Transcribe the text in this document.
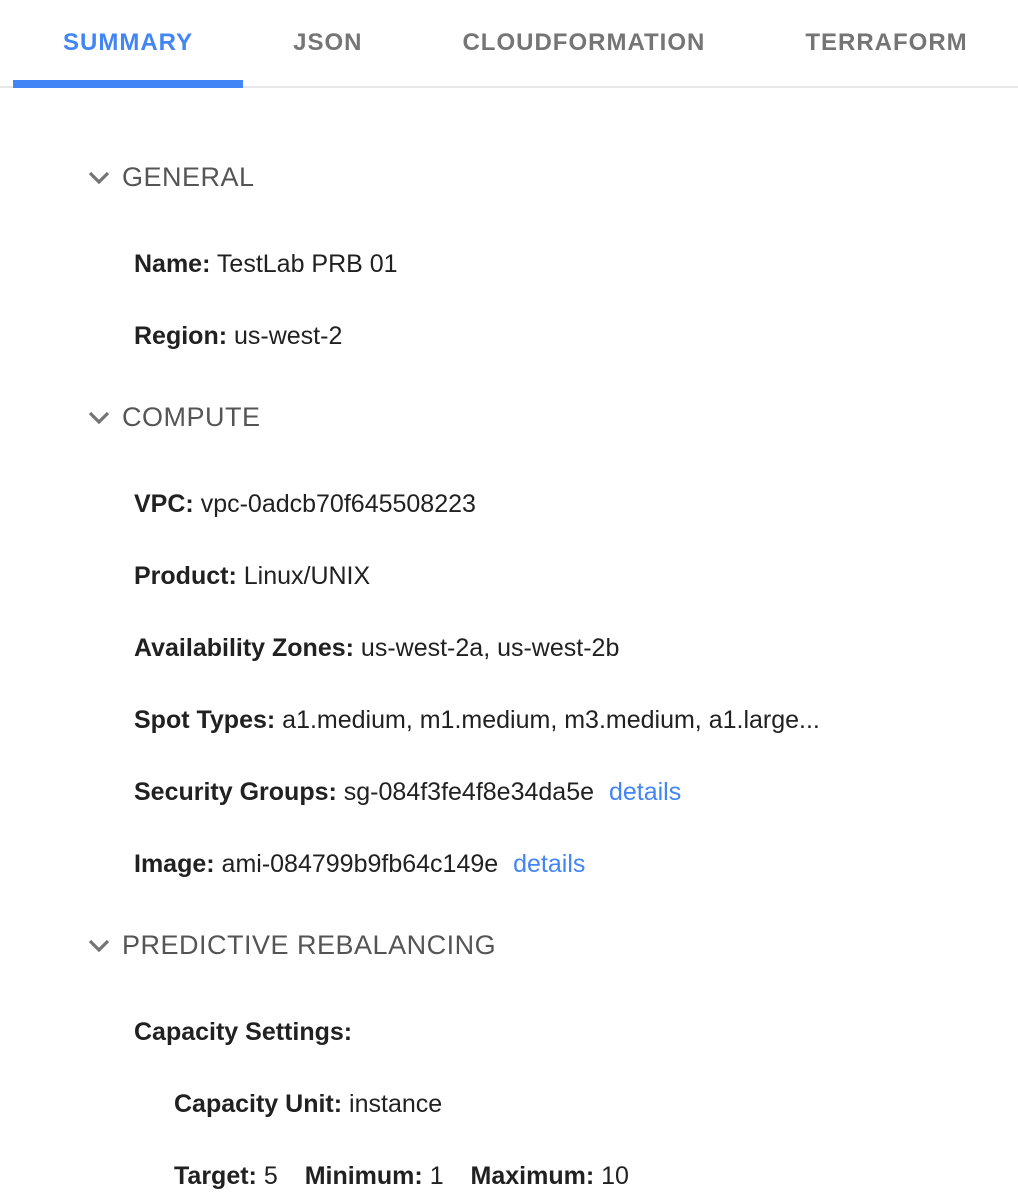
SUMMARY	JSON	CLOUDFORMATION	TERRAFORM
GENERAL
Name: TestLab PRB 01
Region: us-west-2
COMPUTE
VPC: vpc-0adcb70f645508223
Product: Linux/UNIX
Availability Zones: us-west-2a, us-west-2b
Spot Types: a1.medium, m1.medium, m3.medium, a1.large...
Security Groups: sg-084f3fe4f8e34da5e details
Image: ami-084799b9fb64c149e details
PREDICTIVE REBALANCING
Capacity Settings:
Capacity Unit: instance
Target: 5 Minimum: 1 Maximum: 10
